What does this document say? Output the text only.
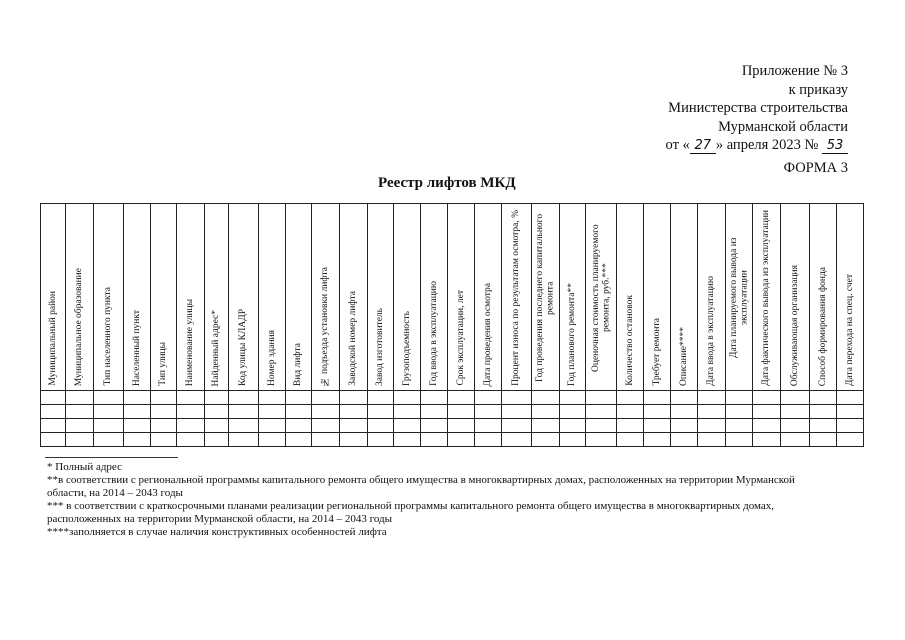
Приложение № 3
к приказу
Министерства строительства
Мурманской области
от « 27 » апреля 2023 № 53
ФОРМА 3
Реестр лифтов МКД
Муниципальный район	Муниципальное образование	Тип населенного пункта	Населенный пункт	Тип улицы	Наименование улицы	Найденный адрес*	Код улицы КЛАДР	Номер здания	Вид лифта	№ подъезда установки лифта	Заводской номер лифта	Завод изготовитель	Грузоподъемность	Год ввода в эксплуатацию	Срок эксплуатации, лет	Дата проведения осмотра	Процент износа по результатам осмотра, %	Год проведения последнего капитального ремонта	Год планового ремонта**	Оценочная стоимость планируемого ремонта, руб.***	Количество остановок	Требует ремонта	Описание****	Дата ввода в эксплуатацию	Дата планируемого вывода из эксплуатации	Дата фактического вывода из эксплуатации	Обслуживающая организация	Способ формирования фонда	Дата перехода на спец. счет

* Полный адрес
**в соответствии с региональной программы капитального ремонта общего имущества в многоквартирных домах, расположенных на территории Мурманской области, на 2014 – 2043 годы
*** в соответствии с краткосрочными планами реализации региональной программы капитального ремонта общего имущества в многоквартирных домах, расположенных на территории Мурманской области, на 2014 – 2043 годы
****заполняется в случае наличия конструктивных особенностей лифта
